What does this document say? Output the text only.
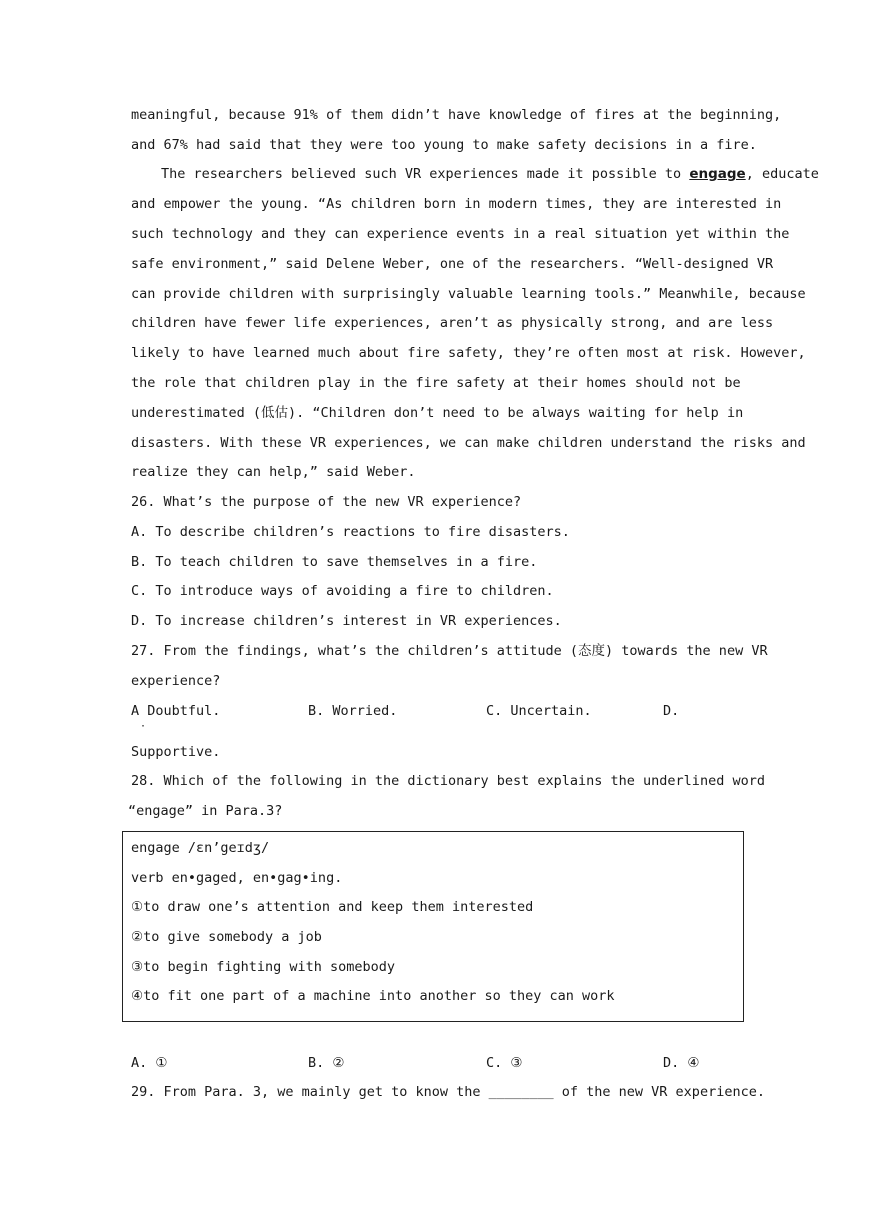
meaningful, because 91% of them didn’t have knowledge of fires at the beginning,
and 67% had said that they were too young to make safety decisions in a fire.
The researchers believed such VR experiences made it possible to engage, educate
and empower the young. “As children born in modern times, they are interested in
such technology and they can experience events in a real situation yet within the
safe environment,” said Delene Weber, one of the researchers. “Well-designed VR
can provide children with surprisingly valuable learning tools.” Meanwhile, because
children have fewer life experiences, aren’t as physically strong, and are less
likely to have learned much about fire safety, they’re often most at risk. However,
the role that children play in the fire safety at their homes should not be
underestimated (低估). “Children don’t need to be always waiting for help in
disasters. With these VR experiences, we can make children understand the risks and
realize they can help,” said Weber.
26. What’s the purpose of the new VR experience?
A. To describe children’s reactions to fire disasters.
B. To teach children to save themselves in a fire.
C. To introduce ways of avoiding a fire to children.
D. To increase children’s interest in VR experiences.
27. From the findings, what’s the children’s attitude (态度) towards the new VR
experience?
A Doubtful.
·
B. Worried.	C. Uncertain.	D.
Supportive.
28. Which of the following in the dictionary best explains the underlined word
“engage” in Para.3?
engage /ɛn’geɪdʒ/
verb en•gaged, en•gag•ing.
①to draw one’s attention and keep them interested
②to give somebody a job
③to begin fighting with somebody
④to fit one part of a machine into another so they can work
A. ①	B. ②	C. ③	D. ④
29. From Para. 3, we mainly get to know the ________ of the new VR experience.
